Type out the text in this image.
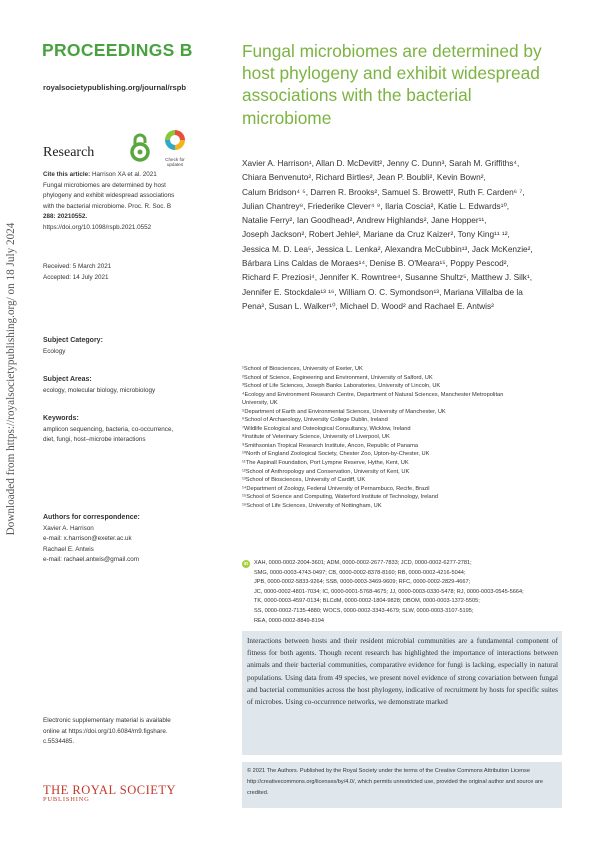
Downloaded from https://royalsocietypublishing.org/ on 18 July 2024
PROCEEDINGS B
royalsocietypublishing.org/journal/rspb
Research	Check for
updates
Cite this article: Harrison XA et al. 2021
Fungal microbiomes are determined by host
phylogeny and exhibit widespread associations
with the bacterial microbiome. Proc. R. Soc. B
288: 20210552.
https://doi.org/10.1098/rspb.2021.0552
Received: 5 March 2021
Accepted: 14 July 2021
Subject Category:
Ecology
Subject Areas:
ecology, molecular biology, microbiology
Keywords:
amplicon sequencing, bacteria, co-occurrence,
diet, fungi, host–microbe interactions
Authors for correspondence:
Xavier A. Harrison
e-mail: x.harrison@exeter.ac.uk
Rachael E. Antwis
e-mail: rachael.antwis@gmail.com
Electronic supplementary material is available
online at https://doi.org/10.6084/m9.figshare.
c.5534485.
THE ROYAL SOCIETY
PUBLISHING
Fungal microbiomes are determined by host phylogeny and exhibit widespread associations with the bacterial microbiome
Xavier A. Harrison¹, Allan D. McDevitt², Jenny C. Dunn³, Sarah M. Griffiths⁴,
Chiara Benvenuto², Richard Birtles², Jean P. Boubli², Kevin Bown²,
Calum Bridson⁴ ⁵, Darren R. Brooks², Samuel S. Browett², Ruth F. Carden⁶ ⁷,
Julian Chantrey⁸, Friederike Clever⁴ ⁹, Ilaria Coscia², Katie L. Edwards¹⁰,
Natalie Ferry², Ian Goodhead², Andrew Highlands², Jane Hopper¹¹,
Joseph Jackson², Robert Jehle², Mariane da Cruz Kaizer², Tony King¹¹ ¹²,
Jessica M. D. Lea⁵, Jessica L. Lenka², Alexandra McCubbin¹³, Jack McKenzie²,
Bárbara Lins Caldas de Moraes¹⁴, Denise B. O'Meara¹⁵, Poppy Pescod²,
Richard F. Preziosi⁴, Jennifer K. Rowntree⁴, Susanne Shultz⁵, Matthew J. Silk¹,
Jennifer E. Stockdale¹³ ¹⁶, William O. C. Symondson¹³, Mariana Villalba de la
Pena², Susan L. Walker¹⁰, Michael D. Wood² and Rachael E. Antwis²
¹School of Biosciences, University of Exeter, UK
²School of Science, Engineering and Environment, University of Salford, UK
³School of Life Sciences, Joseph Banks Laboratories, University of Lincoln, UK
⁴Ecology and Environment Research Centre, Department of Natural Sciences, Manchester Metropolitan
University, UK
⁵Department of Earth and Environmental Sciences, University of Manchester, UK
⁶School of Archaeology, University College Dublin, Ireland
⁷Wildlife Ecological and Osteological Consultancy, Wicklow, Ireland
⁸Institute of Veterinary Science, University of Liverpool, UK
⁹Smithsonian Tropical Research Institute, Ancon, Republic of Panama
¹⁰North of England Zoological Society, Chester Zoo, Upton-by-Chester, UK
¹¹The Aspinall Foundation, Port Lympne Reserve, Hythe, Kent, UK
¹²School of Anthropology and Conservation, University of Kent, UK
¹³School of Biosciences, University of Cardiff, UK
¹⁴Department of Zoology, Federal University of Pernambuco, Recife, Brazil
¹⁵School of Science and Computing, Waterford Institute of Technology, Ireland
¹⁶School of Life Sciences, University of Nottingham, UK
iD	XAH, 0000-0002-2004-3601; ADM, 0000-0002-2677-7833; JCD, 0000-0002-6277-2781;
SMG, 0000-0003-4743-0497; CB, 0000-0002-8378-8160; RB, 0000-0002-4216-5044;
JPB, 0000-0002-5833-9264; SSB, 0000-0003-3469-9609; RFC, 0000-0002-2829-4667;
JC, 0000-0002-4801-7034; IC, 0000-0001-5768-4675; JJ, 0000-0003-0330-5478; RJ, 0000-0003-0545-5664;
TK, 0000-0003-4597-0134; BLCdM, 0000-0002-1804-9828; DBOM, 0000-0003-1372-5505;
SS, 0000-0002-7135-4880; WOCS, 0000-0002-3343-4679; SLW, 0000-0003-3107-5195;
REA, 0000-0002-8849-8194

Interactions between hosts and their resident microbial communities are a fundamental component of fitness for both agents. Though recent research has highlighted the importance of interactions between animals and their bacterial communities, comparative evidence for fungi is lacking, especially in natural populations. Using data from 49 species, we present novel evidence of strong covariation between fungal and bacterial communities across the host phylogeny, indicative of recruitment by hosts for specific suites of microbes. Using co-occurrence networks, we demonstrate marked

© 2021 The Authors. Published by the Royal Society under the terms of the Creative Commons Attribution License http://creativecommons.org/licenses/by/4.0/, which permits unrestricted use, provided the original author and source are credited.
